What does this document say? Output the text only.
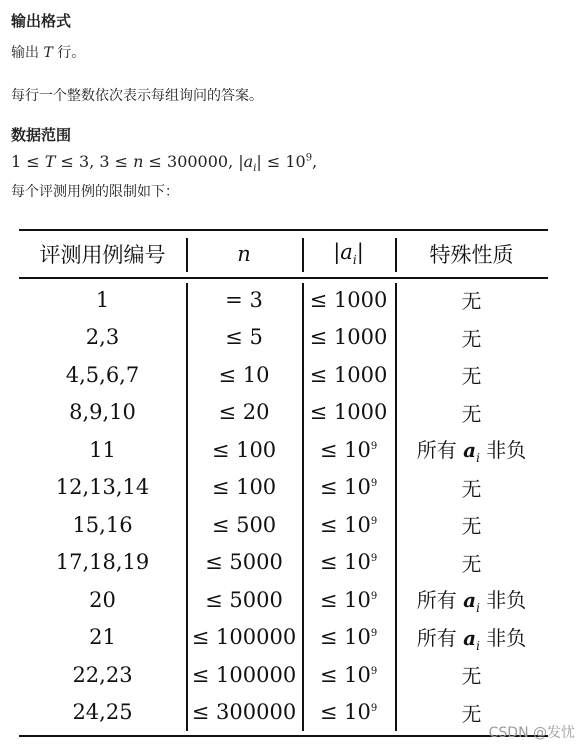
输出格式

输出 T 行。

每行一个整数依次表示每组询问的答案。

数据范围

1 ≤ T ≤ 3, 3 ≤ n ≤ 300000, $|a_i| \le 10^9$,

每个评测用例的限制如下：

评测用例编号	n	$|a_i|$	特殊性质
1	= 3	≤ 1000	无
2,3	≤ 5	≤ 1000	无
4,5,6,7	≤ 10	≤ 1000	无
8,9,10	≤ 20	≤ 1000	无
11	≤ 100	≤ $10^9$	所有 $a_i$ 非负
12,13,14	≤ 100	≤ $10^9$	无
15,16	≤ 500	≤ $10^9$	无
17,18,19	≤ 5000	≤ $10^9$	无
20	≤ 5000	≤ $10^9$	所有 $a_i$ 非负
21	≤ 100000	≤ $10^9$	所有 $a_i$ 非负
22,23	≤ 100000	≤ $10^9$	无
24,25	≤ 300000	≤ $10^9$	无
CSDN @发忧
